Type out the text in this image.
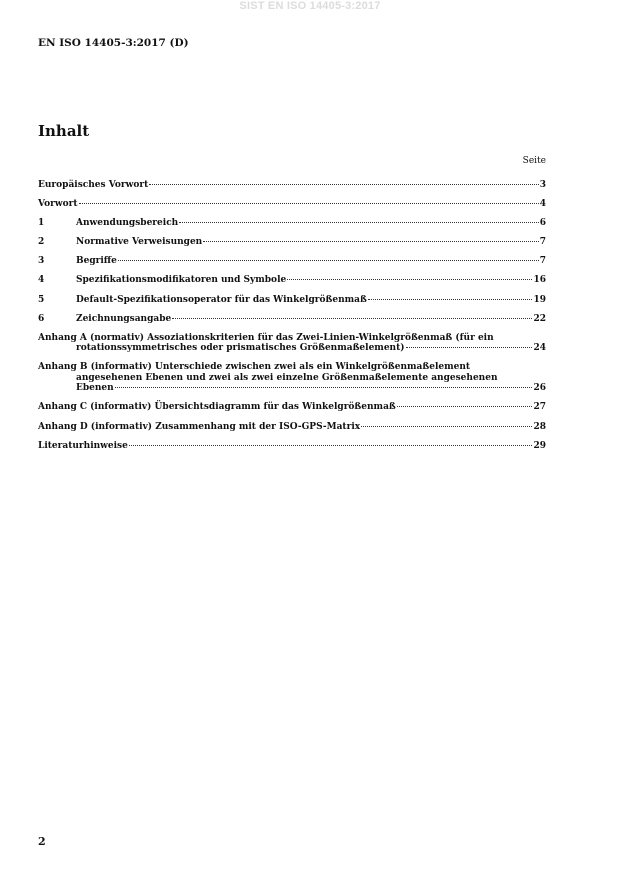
SIST EN ISO 14405-3:2017
EN ISO 14405-3:2017 (D)
Inhalt
Seite
Europäisches Vorwort	3
Vorwort	4
1	Anwendungsbereich	6
2	Normative Verweisungen	7
3	Begriffe	7
4	Spezifikationsmodifikatoren und Symbole	16
5	Default-Spezifikationsoperator für das Winkelgrößenmaß	19
6	Zeichnungsangabe	22
Anhang A (normativ) Assoziationskriterien für das Zwei-Linien-Winkelgrößenmaß (für ein
rotationssymmetrisches oder prismatisches Größenmaßelement)	24
Anhang B (informativ) Unterschiede zwischen zwei als ein Winkelgrößenmaßelement
angesehenen Ebenen und zwei als zwei einzelne Größenmaßelemente angesehenen
Ebenen	26
Anhang C (informativ) Übersichtsdiagramm für das Winkelgrößenmaß	27
Anhang D (informativ) Zusammenhang mit der ISO-GPS-Matrix	28
Literaturhinweise	29
2
